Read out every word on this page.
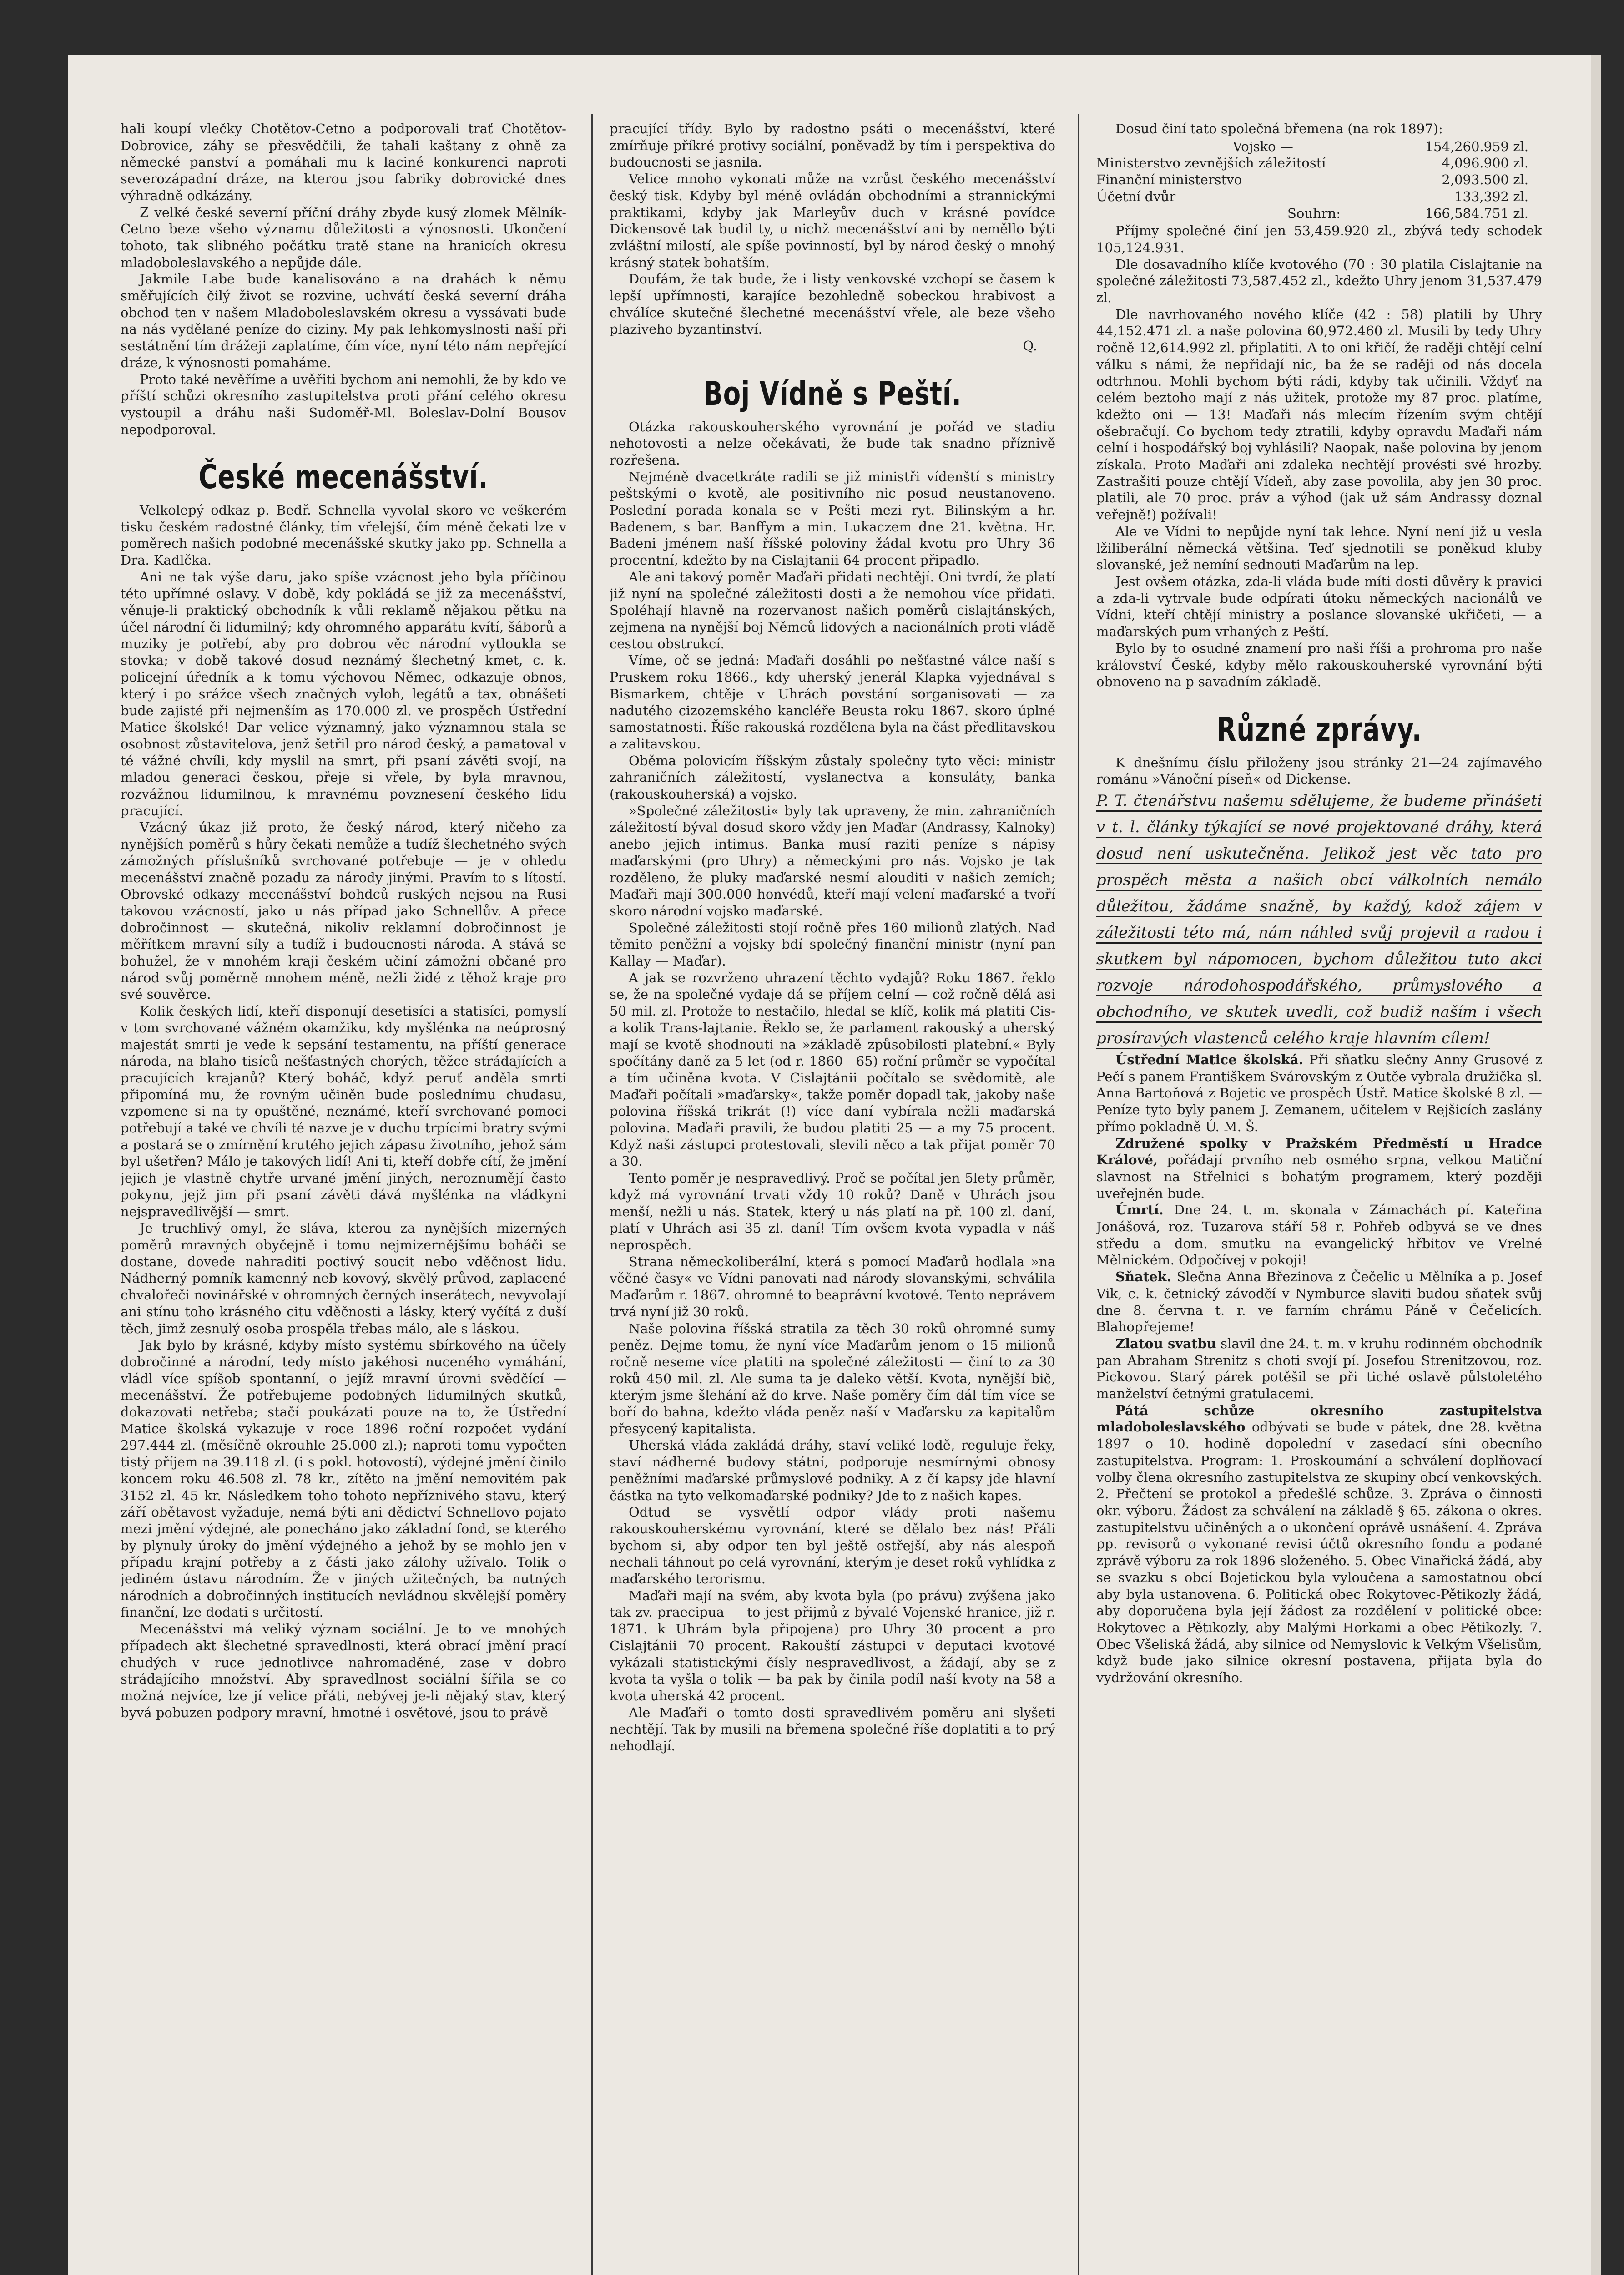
hali koupí vlečky Chotětov-Cetno a podporovali trať Chotětov-Dobrovice, záhy se přesvědčili, že tahali kaštany z ohně za německé panství a pomáhali mu k laciné konkurenci naproti severozápadní dráze, na kterou jsou fabriky dobrovické dnes výhradně odkázány.

Z velké české severní příční dráhy zbyde kusý zlomek Mělník-Cetno beze všeho významu důležitosti a výnosnosti. Ukončení tohoto, tak slibného počátku tratě stane na hranicích okresu mladoboleslavského a nepůjde dále.

Jakmile Labe bude kanalisováno a na drahách k němu směřujících čilý život se rozvine, uchvátí česká severní dráha obchod ten v našem Mladoboleslavském okresu a vyssávati bude na nás vydělané peníze do ciziny. My pak lehkomyslnosti naší při sestátnění tím drážeji zaplatíme, čím více, nyní této nám nepřející dráze, k výnosnosti pomaháme.

Proto také nevěříme a uvěřiti bychom ani nemohli, že by kdo ve příští schůzi okresního zastupitelstva proti přání celého okresu vystoupil a dráhu naši Sudoměř-Ml. Boleslav-Dolní Bousov nepodporoval.

České mecenášství.

Velkolepý odkaz p. Bedř. Schnella vyvolal skoro ve veškerém tisku českém radostné články, tím vřelejší, čím méně čekati lze v poměrech našich podobné mecenášské skutky jako pp. Schnella a Dra. Kadlčka.

Ani ne tak výše daru, jako spíše vzácnost jeho byla příčinou této upřímné oslavy. V době, kdy pokládá se již za mecenášství, věnuje-li praktický obchodník k vůli reklamě nějakou pětku na účel národní či lidumilný; kdy ohromného apparátu kvítí, šáborů a muziky je potřebí, aby pro dobrou věc národní vytloukla se stovka; v době takové dosud neznámý šlechetný kmet, c. k. policejní úředník a k tomu výchovou Němec, odkazuje obnos, který i po srážce všech značných vyloh, legátů a tax, obnášeti bude zajisté při nejmenším as 170.000 zl. ve prospěch Ústřední Matice školské! Dar velice významný, jako významnou stala se osobnost zůstavitelova, jenž šetřil pro národ český, a pamatoval v té vážné chvíli, kdy myslil na smrt, při psaní závěti svojí, na mladou generaci českou, přeje si vřele, by byla mravnou, rozvážnou lidumilnou, k mravnému povznesení českého lidu pracující.

Vzácný úkaz již proto, že český národ, který ničeho za nynějších poměrů s hůry čekati nemůže a tudíž šlechetného svých zámožných příslušníků svrchované potřebuje — je v ohledu mecenášství značně pozadu za národy jinými. Pravím to s lítostí. Obrovské odkazy mecenášství bohdců ruských nejsou na Rusi takovou vzácností, jako u nás případ jako Schnellův. A přece dobročinnost — skutečná, nikoliv reklamní dobročinnost je měřítkem mravní síly a tudíž i budoucnosti národa. A stává se bohužel, že v mnohém kraji českém učiní zámožní občané pro národ svůj poměrně mnohem méně, nežli židé z těhož kraje pro své souvěrce.

Kolik českých lidí, kteří disponují desetisíci a statisíci, pomyslí v tom svrchované vážném okamžiku, kdy myšlénka na neúprosný majestát smrti je vede k sepsání testamentu, na příští generace národa, na blaho tisíců nešťastných chorých, těžce strádajících a pracujících krajanů? Který boháč, když peruť anděla smrti připomíná mu, že rovným učiněn bude poslednímu chudasu, vzpomene si na ty opuštěné, neznámé, kteří svrchované pomoci potřebují a také ve chvíli té nazve je v duchu trpícími bratry svými a postará se o zmírnění krutého jejich zápasu životního, jehož sám byl ušetřen? Málo je takových lidí! Ani ti, kteří dobře cítí, že jmění jejich je vlastně chytře urvané jmění jiných, neroznumějí často pokynu, jejž jim při psaní závěti dává myšlénka na vládkyni nejspravedlivější — smrt.

Je truchlivý omyl, že sláva, kterou za nynějších mizerných poměrů mravných obyčejně i tomu nejmizernějšímu boháči se dostane, dovede nahraditi poctivý soucit nebo vděčnost lidu. Nádherný pomník kamenný neb kovový, skvělý průvod, zaplacené chvalořeči novinářské v ohromných černých inserátech, nevyvolají ani stínu toho krásného citu vděčnosti a lásky, který vyčítá z duší těch, jimž zesnulý osoba prospěla třebas málo, ale s láskou.

Jak bylo by krásné, kdyby místo systému sbírkového na účely dobročinné a národní, tedy místo jakéhosi nuceného vymáhání, vládl více spíšob spontanní, o jejíž mravní úrovni svědčící — mecenášství. Že potřebujeme podobných lidumilných skutků, dokazovati netřeba; stačí poukázati pouze na to, že Ústřední Matice školská vykazuje v roce 1896 roční rozpočet vydání 297.444 zl. (měsíčně okrouhle 25.000 zl.); naproti tomu vypočten tistý příjem na 39.118 zl. (i s pokl. hotovostí), výdejné jmění činilo koncem roku 46.508 zl. 78 kr., zítěto na jmění nemovitém pak 3152 zl. 45 kr. Následkem toho tohoto nepříznivého stavu, který září obětavost vyžaduje, nemá býti ani dědictví Schnellovo pojato mezi jmění výdejné, ale ponecháno jako základní fond, se kterého by plynuly úroky do jmění výdejného a jehož by se mohlo jen v případu krajní potřeby a z části jako zálohy užívalo. Tolik o jediném ústavu národním. Že v jiných užitečných, ba nutných národních a dobročinných institucích nevládnou skvělejší poměry finanční, lze dodati s určitostí.

Mecenášství má veliký význam sociální. Je to ve mnohých případech akt šlechetné spravedlnosti, která obrací jmění prací chudých v ruce jednotlivce nahromaděné, zase v dobro strádajícího množství. Aby spravedlnost sociální šířila se co možná nejvíce, lze jí velice přáti, nebývej je-li nějaký stav, který byvá pobuzen podpory mravní, hmotné i osvětové, jsou to právě

pracující třídy. Bylo by radostno psáti o mecenášství, které zmírňuje příkré protivy sociální, poněvadž by tím i perspektiva do budoucnosti se jasnila.

Velice mnoho vykonati může na vzrůst českého mecenášství český tisk. Kdyby byl méně ovládán obchodními a strannickými praktikami, kdyby jak Marleyův duch v krásné povídce Dickensově tak budil ty, u nichž mecenášství ani by neměllo býti zvláštní milostí, ale spíše povinností, byl by národ český o mnohý krásný statek bohatším.

Doufám, že tak bude, že i listy venkovské vzchopí se časem k lepší upřímnosti, karajíce bezohledně sobeckou hrabivost a chválíce skutečné šlechetné mecenášství vřele, ale beze všeho plaziveho byzantinství.

Q.

Boj Vídně s Peští.

Otázka rakouskouherského vyrovnání je pořád ve stadiu nehotovosti a nelze očekávati, že bude tak snadno příznivě rozřešena.

Nejméně dvacetkráte radili se již ministři vídenští s ministry peštskými o kvotě, ale positivního nic posud neustanoveno. Poslední porada konala se v Pešti mezi ryt. Bilinským a hr. Badenem, s bar. Banffym a min. Lukaczem dne 21. května. Hr. Badeni jménem naší říšské poloviny žádal kvotu pro Uhry 36 procentní, kdežto by na Cislajtanii 64 procent připadlo.

Ale ani takový poměr Maďaři přidati nechtějí. Oni tvrdí, že platí již nyní na společné záležitosti dosti a že nemohou více přidati. Spoléhají hlavně na rozervanost našich poměrů cislajtánských, zejmena na nynější boj Němců lidových a nacionálních proti vládě cestou obstrukcí.

Víme, oč se jedná: Maďaři dosáhli po nešťastné válce naší s Pruskem roku 1866., kdy uherský jenerál Klapka vyjednával s Bismarkem, chtěje v Uhrách povstání sorganisovati — za nadutého cizozemského kancléře Beusta roku 1867. skoro úplné samostatnosti. Říše rakouská rozdělena byla na část předlitavskou a zalitavskou.

Oběma polovicím říšským zůstaly společny tyto věci: ministr zahraničních záležitostí, vyslanectva a konsuláty, banka (rakouskouherská) a vojsko.

»Společné záležitosti« byly tak upraveny, že min. zahraničních záležitostí býval dosud skoro vždy jen Maďar (Andrassy, Kalnoky) anebo jejich intimus. Banka musí raziti peníze s nápisy maďarskými (pro Uhry) a německými pro nás. Vojsko je tak rozděleno, že pluky maďarské nesmí alouditi v našich zemích; Maďaři mají 300.000 honvédů, kteří mají velení maďarské a tvoří skoro národní vojsko maďarské.

Společné záležitosti stojí ročně přes 160 milionů zlatých. Nad těmito peněžní a vojsky bdí společný finanční ministr (nyní pan Kallay — Maďar).

A jak se rozvrženo uhrazení těchto vydajů? Roku 1867. řeklo se, že na společné vydaje dá se příjem celní — což ročně dělá asi 50 mil. zl. Protože to nestačilo, hledal se klíč, kolik má platiti Cis- a kolik Trans-lajtanie. Řeklo se, že parlament rakouský a uherský mají se kvotě shodnouti na »základě způsobilosti platební.« Byly spočítány daně za 5 let (od r. 1860—65) roční průměr se vypočítal a tím učiněna kvota. V Cislajtánii počítalo se svědomitě, ale Maďaři počítali »maďarsky«, takže poměr dopadl tak, jakoby naše polovina říšská trikrát (!) více daní vybírala nežli maďarská polovina. Maďaři pravili, že budou platiti 25 — a my 75 procent. Když naši zástupci protestovali, slevili něco a tak přijat poměr 70 a 30.

Tento poměr je nespravedlivý. Proč se počítal jen 5lety průměr, když má vyrovnání trvati vždy 10 roků? Daně v Uhrách jsou menší, nežli u nás. Statek, který u nás platí na př. 100 zl. daní, platí v Uhrách asi 35 zl. daní! Tím ovšem kvota vypadla v náš neprospěch.

Strana německoliberální, která s pomocí Maďarů hodlala »na věčné časy« ve Vídni panovati nad národy slovanskými, schválila Maďarům r. 1867. ohromné to beaprávní kvotové. Tento neprávem trvá nyní již 30 roků.

Naše polovina říšská stratila za těch 30 roků ohromné sumy peněz. Dejme tomu, že nyní více Maďarům jenom o 15 milionů ročně neseme více platiti na společné záležitosti — činí to za 30 roků 450 mil. zl. Ale suma ta je daleko větší. Kvota, nynější bič, kterým jsme šlehání až do krve. Naše poměry čím dál tím více se boří do bahna, kdežto vláda peněz naší v Maďarsku za kapitalům přesycený kapitalista.

Uherská vláda zakládá dráhy, staví veliké lodě, reguluje řeky, staví nádherné budovy státní, podporuje nesmírnými obnosy peněžními maďarské průmyslové podniky. A z čí kapsy jde hlavní částka na tyto velkomaďarské podniky? Jde to z našich kapes.

Odtud se vysvětlí odpor vlády proti našemu rakouskouherskému vyrovnání, které se dělalo bez nás! Přáli bychom si, aby odpor ten byl ještě ostřejší, aby nás alespoň nechali táhnout po celá vyrovnání, kterým je deset roků vyhlídka z maďarského terorismu.

Maďaři mají na svém, aby kvota byla (po právu) zvýšena jako tak zv. praecipua — to jest přijmů z bývalé Vojenské hranice, již r. 1871. k Uhrám byla připojena) pro Uhry 30 procent a pro Cislajtánii 70 procent. Rakouští zástupci v deputaci kvotové vykázali statistickými čísly nespravedlivost, a žádají, aby se z kvota ta vyšla o tolik — ba pak by činila podíl naší kvoty na 58 a kvota uherská 42 procent.

Ale Maďaři o tomto dosti spravedlivém poměru ani slyšeti nechtějí. Tak by musili na břemena společné říše doplatiti a to prý nehodlají.

Dosud činí tato společná břemena (na rok 1897):

Vojsko —	154,260.959 zl.
Ministerstvo zevnějších záležitostí	4,096.900 zl.
Finanční ministerstvo	2,093.500 zl.
Účetní dvůr	133,392 zl.
Souhrn:	166,584.751 zl.

Příjmy společné činí jen 53,459.920 zl., zbývá tedy schodek 105,124.931.

Dle dosavadního klíče kvotového (70 : 30 platila Cislajtanie na společné záležitosti 73,587.452 zl., kdežto Uhry jenom 31,537.479 zl.

Dle navrhovaného nového klíče (42 : 58) platili by Uhry 44,152.471 zl. a naše polovina 60,972.460 zl. Musili by tedy Uhry ročně 12,614.992 zl. připlatiti. A to oni křičí, že raději chtějí celní válku s námi, že nepřidají nic, ba že se raději od nás docela odtrhnou. Mohli bychom býti rádi, kdyby tak učinili. Vždyť na celém beztoho mají z nás užitek, protože my 87 proc. platíme, kdežto oni — 13! Maďaři nás mlecím řízením svým chtějí ošebračují. Co bychom tedy ztratili, kdyby opravdu Maďaři nám celní i hospodářský boj vyhlásili? Naopak, naše polovina by jenom získala. Proto Maďaři ani zdaleka nechtějí provésti své hrozby. Zastrašiti pouze chtějí Vídeň, aby zase povolila, aby jen 30 proc. platili, ale 70 proc. práv a výhod (jak už sám Andrassy doznal veřejně!) požívali!

Ale ve Vídni to nepůjde nyní tak lehce. Nyní není již u vesla lžiliberální německá většina. Teď sjednotili se poněkud kluby slovanské, jež nemíní sednouti Maďarům na lep.

Jest ovšem otázka, zda-li vláda bude míti dosti důvěry k pravici a zda-li vytrvale bude odpírati útoku německých nacionálů ve Vídni, kteří chtějí ministry a poslance slovanské ukřičeti, — a maďarských pum vrhaných z Peští.

Bylo by to osudné znamení pro naši říši a prohroma pro naše království České, kdyby mělo rakouskouherské vyrovnání býti obnoveno na p savadním základě.

Různé zprávy.

K dnešnímu číslu přiloženy jsou stránky 21—24 zajímavého románu »Vánoční píseň« od Dickense.

P. T. čtenářstvu našemu sdělujeme, že budeme přinášeti v t. l. články týkající se nové projektované dráhy, která dosud není uskutečněna. Jelikož jest věc tato pro prospěch města a našich obcí válkolních nemálo důležitou, žádáme snažně, by každý, kdož zájem v záležitosti této má, nám náhled svůj projevil a radou i skutkem byl nápomocen, bychom důležitou tuto akci rozvoje národohospodářského, průmyslového a obchodního, ve skutek uvedli, což budiž naším i všech prosíravých vlastenců celého kraje hlavním cílem!

Ústřední Matice školská. Při sňatku slečny Anny Grusové z Pečí s panem Františkem Svárovským z Outče vybrala družička sl. Anna Bartoňová z Bojetic ve prospěch Ústř. Matice školské 8 zl. — Peníze tyto byly panem J. Zemanem, učitelem v Rejšicích zaslány přímo pokladně Ú. M. Š.

Združené spolky v Pražském Předměstí u Hradce Králové, pořádají prvního neb osmého srpna, velkou Matiční slavnost na Střelnici s bohatým programem, který později uveřejněn bude.

Úmrtí. Dne 24. t. m. skonala v Zámachách pí. Kateřina Jonášová, roz. Tuzarova stáří 58 r. Pohřeb odbyvá se ve dnes středu a dom. smutku na evangelický hřbitov ve Vrelné Mělnickém. Odpočívej v pokoji!

Sňatek. Slečna Anna Březinova z Čečelic u Mělníka a p. Josef Vik, c. k. četnický závodčí v Nymburce slaviti budou sňatek svůj dne 8. června t. r. ve farním chrámu Páně v Čečelicích. Blahopřejeme!

Zlatou svatbu slavil dne 24. t. m. v kruhu rodinném obchodník pan Abraham Strenitz s choti svojí pí. Josefou Strenitzovou, roz. Pickovou. Starý párek potěšil se při tiché oslavě půlstoletého manželství četnými gratulacemi.

Pátá schůze okresního zastupitelstva mladoboleslavského odbývati se bude v pátek, dne 28. května 1897 o 10. hodině dopolední v zasedací síni obecního zastupitelstva. Program: 1. Proskoumání a schválení doplňovací volby člena okresního zastupitelstva ze skupiny obcí venkovských. 2. Přečtení se protokol a předešlé schůze. 3. Zpráva o činnosti okr. výboru. Žádost za schválení na základě § 65. zákona o okres. zastupitelstvu učiněných a o ukončení oprávě usnášení. 4. Zpráva pp. revisorů o vykonané revisi účtů okresního fondu a podané zprávě výboru za rok 1896 složeného. 5. Obec Vinařická žádá, aby se svazku s obcí Bojetickou byla vyloučena a samostatnou obcí aby byla ustanovena. 6. Politická obec Rokytovec-Pětikozly žádá, aby doporučena byla její žádost za rozdělení v politické obce: Rokytovec a Pětikozly, aby Malými Horkami a obec Pětikozly. 7. Obec Všeliská žádá, aby silnice od Nemyslovic k Velkým Všelisům, když bude jako silnice okresní postavena, přijata byla do vydržování okresního.
